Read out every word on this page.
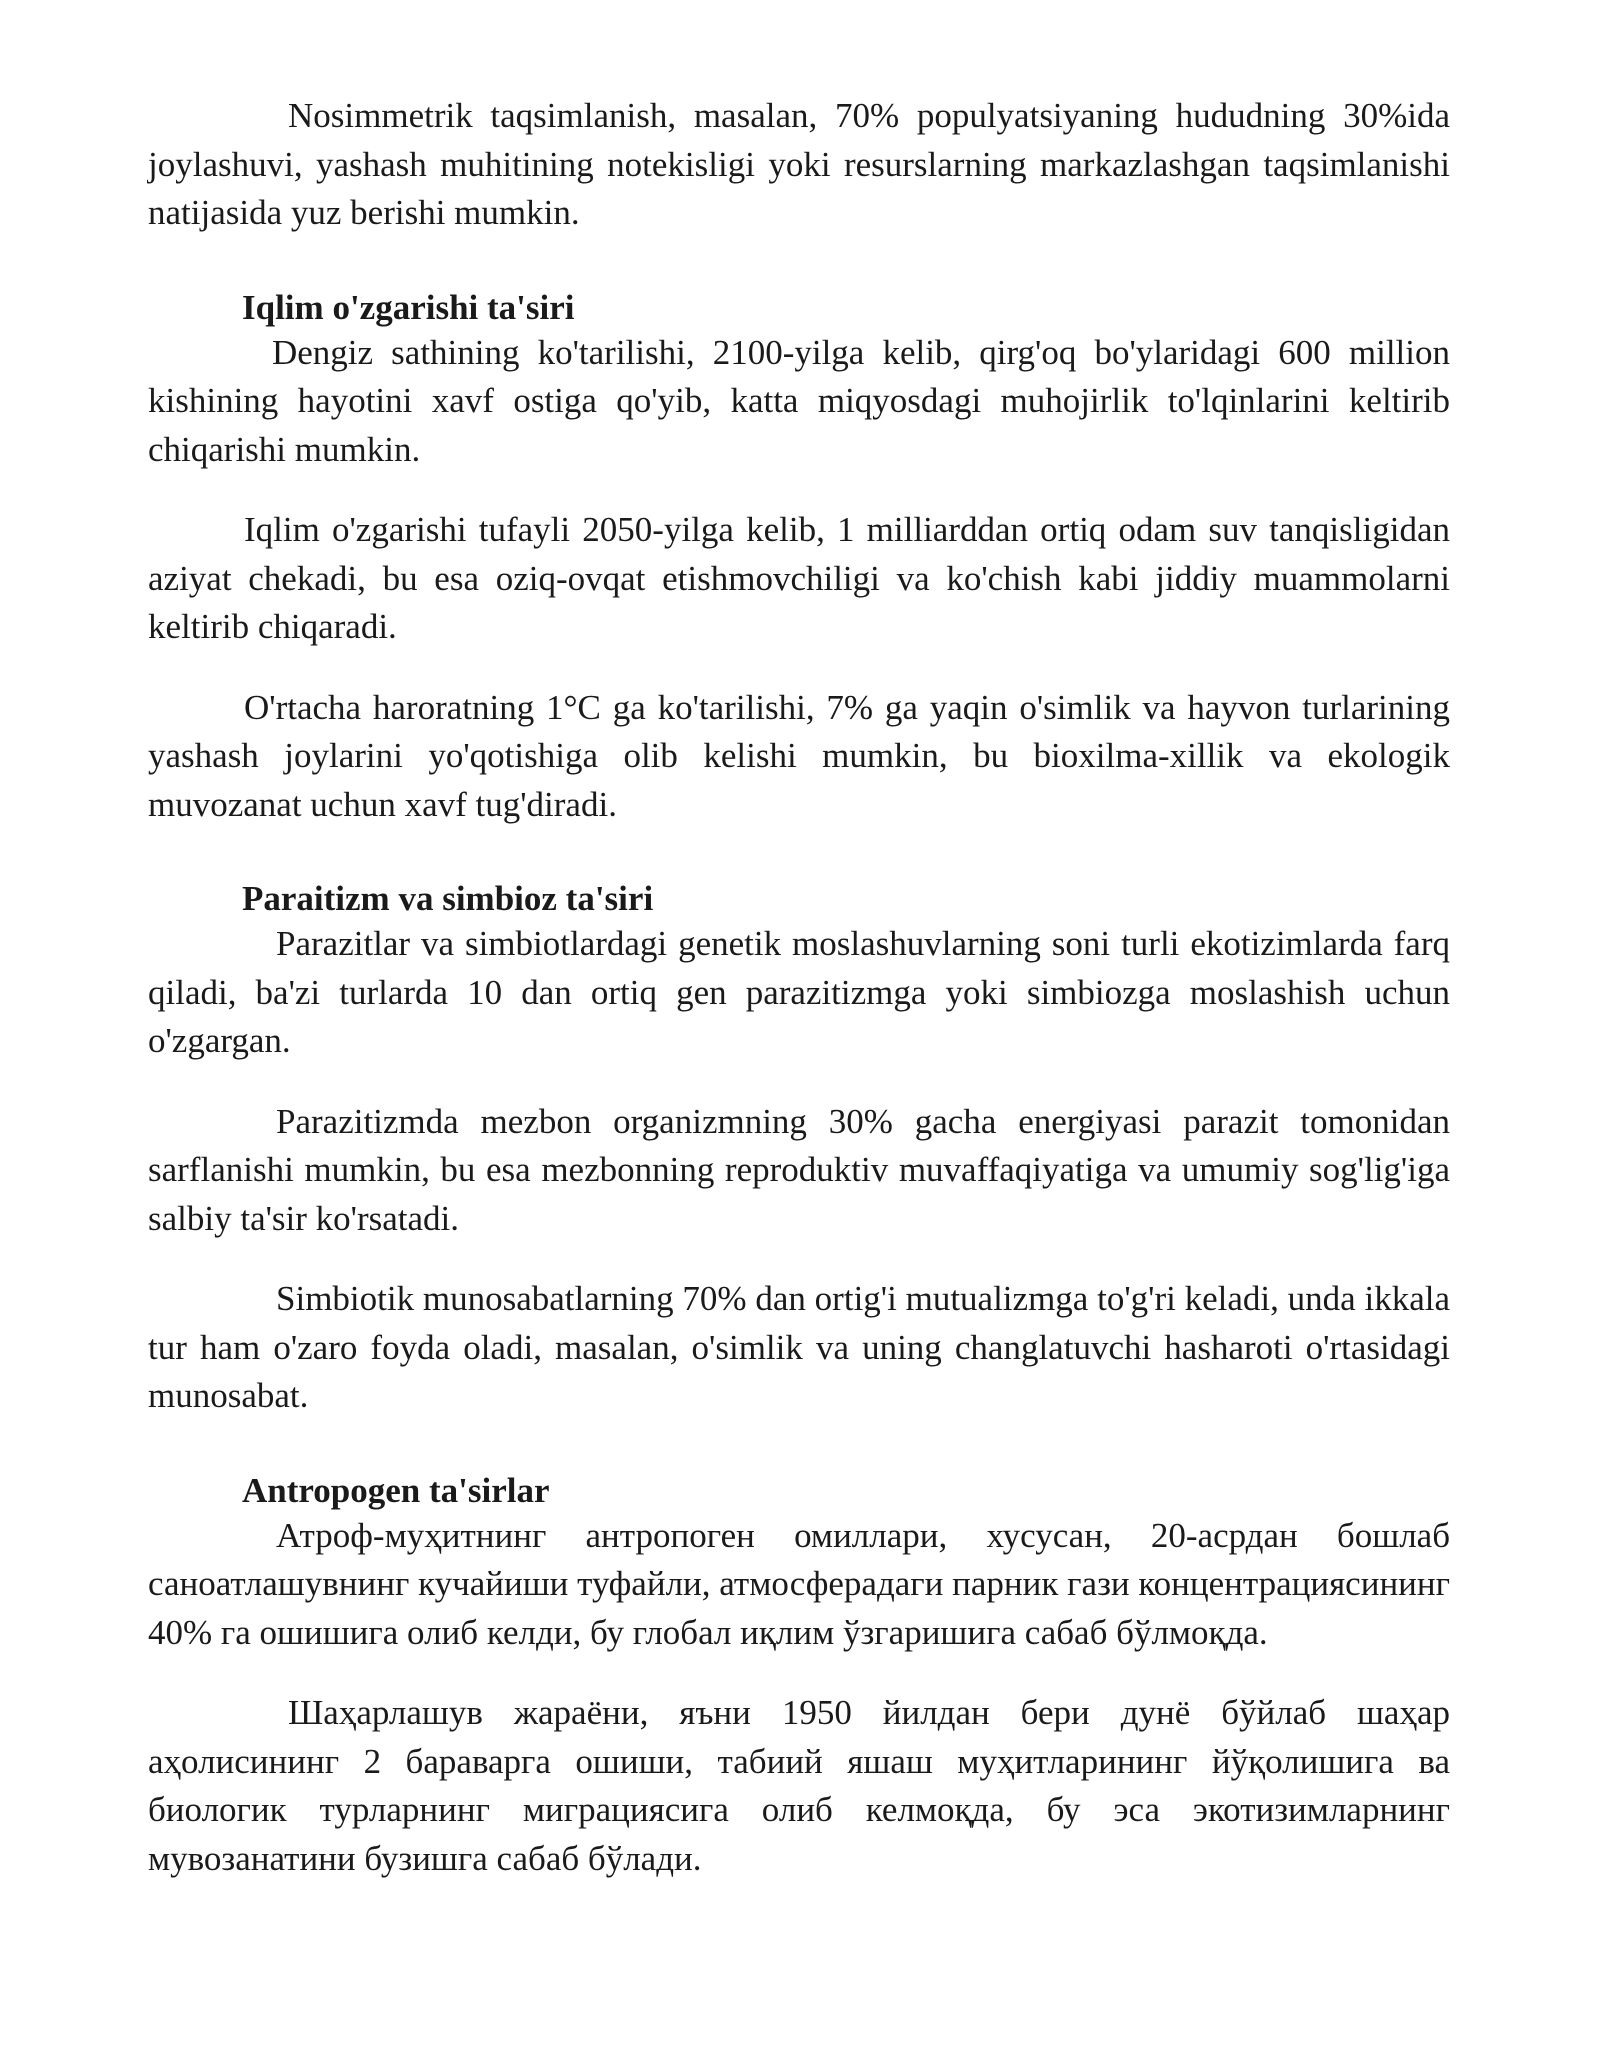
Nosimmetrik taqsimlanish, masalan, 70% populyatsiyaning hududning 30%ida joylashuvi, yashash muhitining notekisligi yoki resurslarning markazlashgan taqsimlanishi natijasida yuz berishi mumkin.

Iqlim o'zgarishi ta'siri

Dengiz sathining ko'tarilishi, 2100-yilga kelib, qirg'oq bo'ylaridagi 600 million kishining hayotini xavf ostiga qo'yib, katta miqyosdagi muhojirlik to'lqinlarini keltirib chiqarishi mumkin.

Iqlim o'zgarishi tufayli 2050-yilga kelib, 1 milliarddan ortiq odam suv tanqisligidan aziyat chekadi, bu esa oziq-ovqat etishmovchiligi va ko'chish kabi jiddiy muammolarni keltirib chiqaradi.

O'rtacha haroratning 1°C ga ko'tarilishi, 7% ga yaqin o'simlik va hayvon turlarining yashash joylarini yo'qotishiga olib kelishi mumkin, bu bioxilma-xillik va ekologik muvozanat uchun xavf tug'diradi.

Paraitizm va simbioz ta'siri

Parazitlar va simbiotlardagi genetik moslashuvlarning soni turli ekotizimlarda farq qiladi, ba'zi turlarda 10 dan ortiq gen parazitizmga yoki simbiozga moslashish uchun o'zgargan.

Parazitizmda mezbon organizmning 30% gacha energiyasi parazit tomonidan sarflanishi mumkin, bu esa mezbonning reproduktiv muvaffaqiyatiga va umumiy sog'lig'iga salbiy ta'sir ko'rsatadi.

Simbiotik munosabatlarning 70% dan ortig'i mutualizmga to'g'ri keladi, unda ikkala tur ham o'zaro foyda oladi, masalan, o'simlik va uning changlatuvchi hasharoti o'rtasidagi munosabat.

Antropogen ta'sirlar

Атроф-муҳитнинг антропоген омиллари, хусусан, 20-асрдан бошлаб саноатлашувнинг кучайиши туфайли, атмосферадаги парник гази концентрациясининг 40% га ошишига олиб келди, бу глобал иқлим ўзгаришига сабаб бўлмоқда.

Шаҳарлашув жараёни, яъни 1950 йилдан бери дунё бўйлаб шаҳар аҳолисининг 2 бараварга ошиши, табиий яшаш муҳитларининг йўқолишига ва биологик турларнинг миграциясига олиб келмоқда, бу эса экотизимларнинг мувозанатини бузишга сабаб бўлади.
